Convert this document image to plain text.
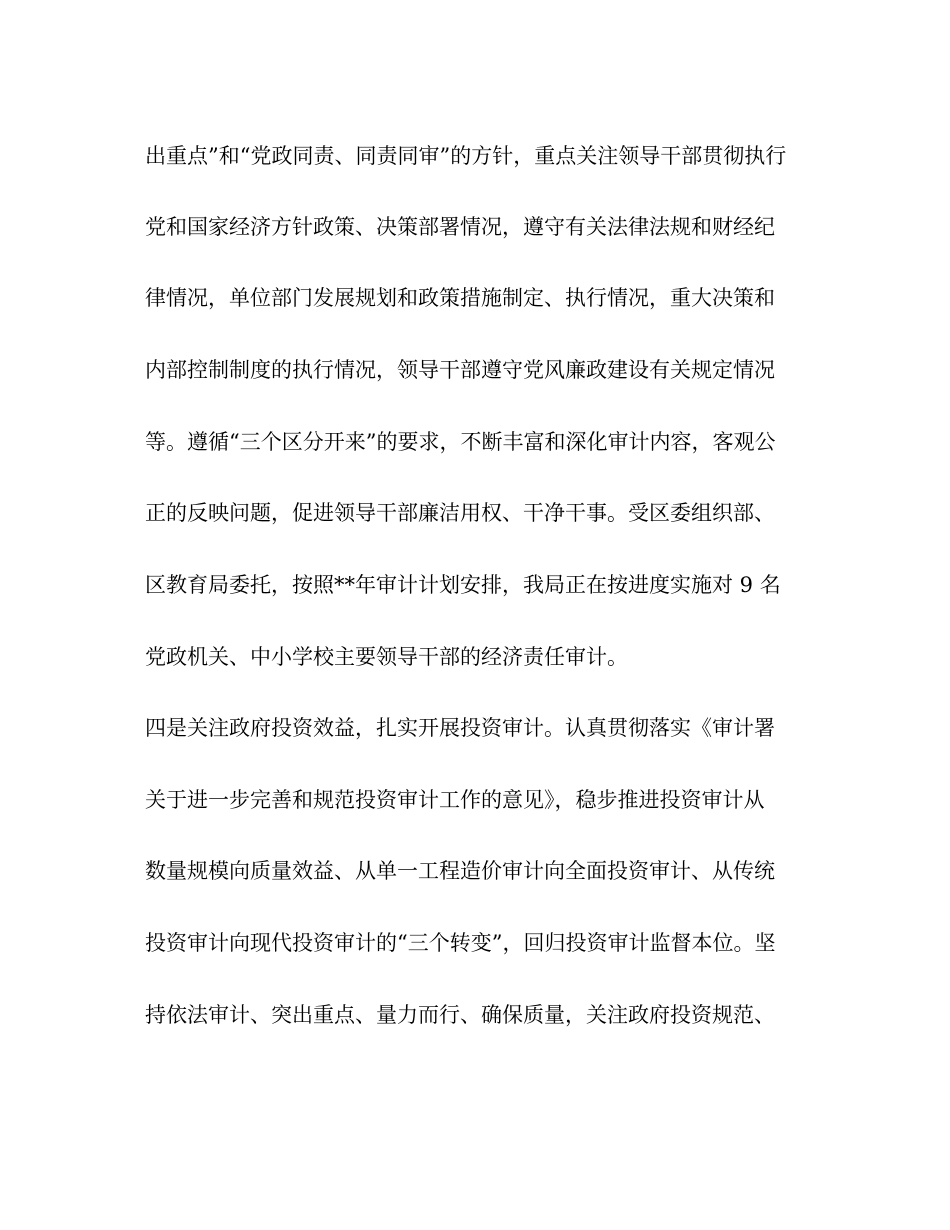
出重点”和“党政同责、同责同审”的方针，重点关注领导干部贯彻执行
党和国家经济方针政策、决策部署情况，遵守有关法律法规和财经纪
律情况，单位部门发展规划和政策措施制定、执行情况，重大决策和
内部控制制度的执行情况，领导干部遵守党风廉政建设有关规定情况
等。遵循“三个区分开来”的要求，不断丰富和深化审计内容，客观公
正的反映问题，促进领导干部廉洁用权、干净干事。受区委组织部、
区教育局委托，按照**年审计计划安排，我局正在按进度实施对 9 名
党政机关、中小学校主要领导干部的经济责任审计。
四是关注政府投资效益，扎实开展投资审计。认真贯彻落实《审计署
关于进一步完善和规范投资审计工作的意见》，稳步推进投资审计从
数量规模向质量效益、从单一工程造价审计向全面投资审计、从传统
投资审计向现代投资审计的“三个转变”，回归投资审计监督本位。坚
持依法审计、突出重点、量力而行、确保质量，关注政府投资规范、
